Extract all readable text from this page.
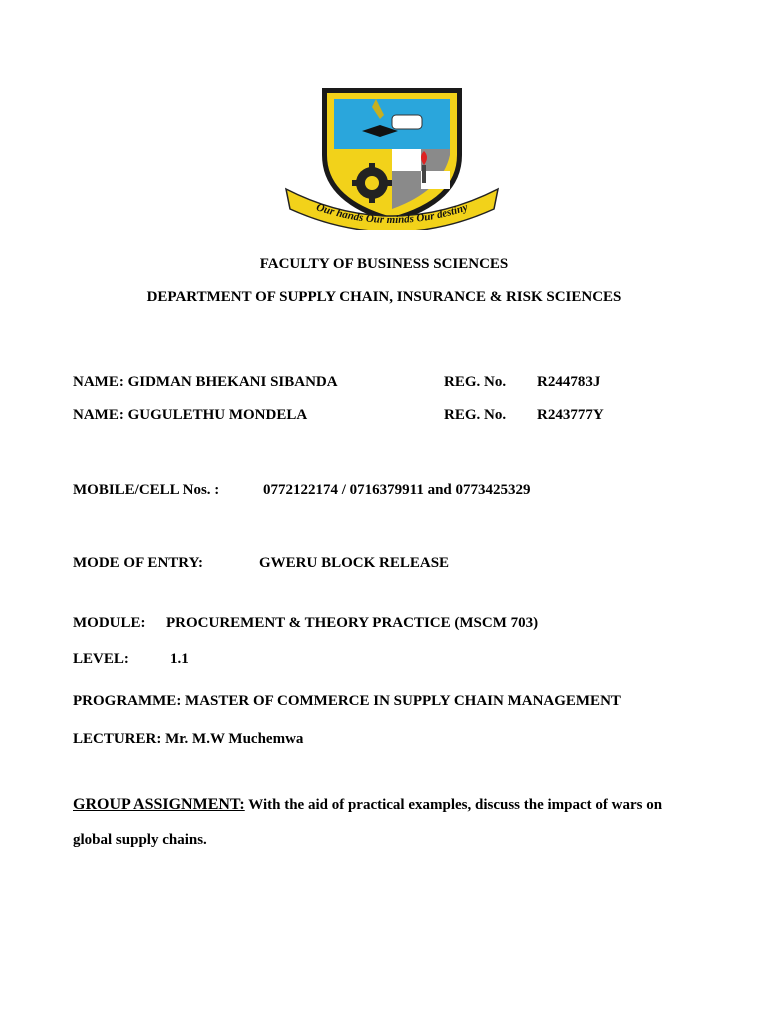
Our hands Our minds Our destiny
FACULTY OF BUSINESS SCIENCES
DEPARTMENT OF SUPPLY CHAIN, INSURANCE & RISK SCIENCES
NAME: GIDMAN BHEKANI SIBANDA	REG. No. R244783J
NAME: GUGULETHU MONDELA	REG. No. R243777Y
MOBILE/CELL Nos. :	0772122174 / 0716379911 and 0773425329
MODE OF ENTRY:	GWERU BLOCK RELEASE
MODULE: PROCUREMENT & THEORY PRACTICE (MSCM 703)
LEVEL:	1.1
PROGRAMME: MASTER OF COMMERCE IN SUPPLY CHAIN MANAGEMENT
LECTURER: Mr. M.W Muchemwa
GROUP ASSIGNMENT: With the aid of practical examples, discuss the impact of wars on
global supply chains.
